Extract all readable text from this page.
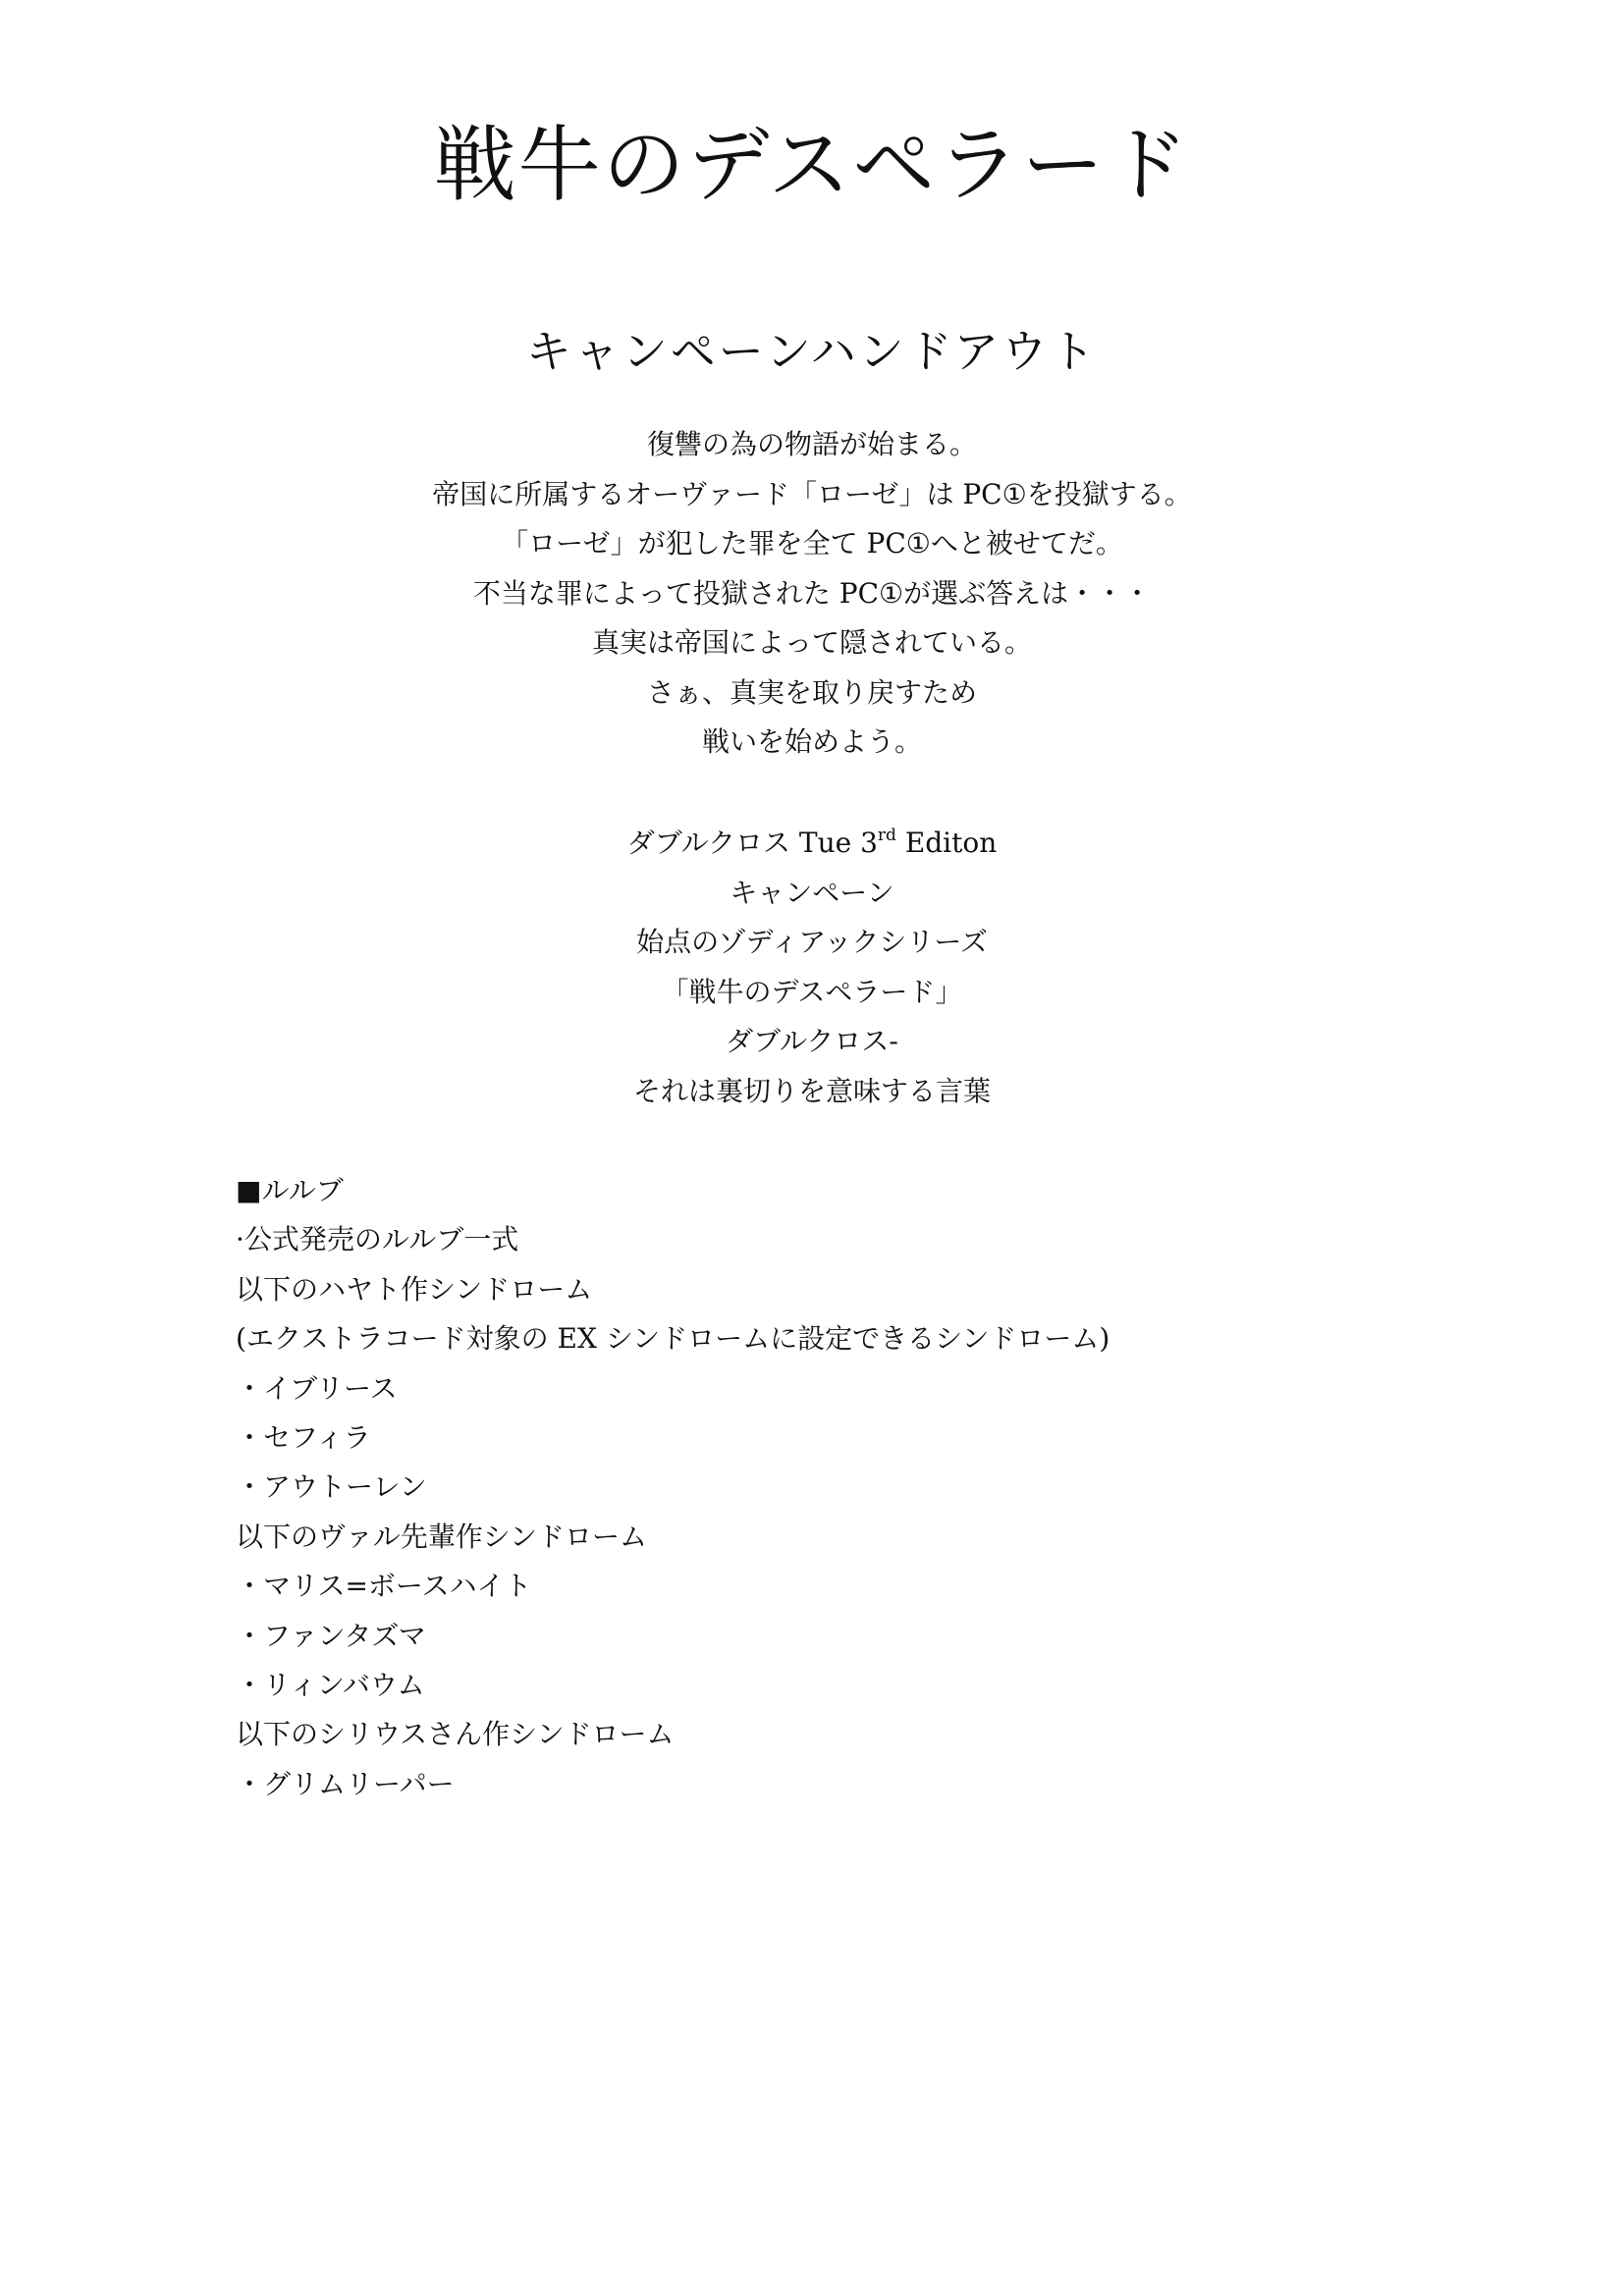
戦牛のデスペラード
キャンペーンハンドアウト
復讐の為の物語が始まる。
帝国に所属するオーヴァード「ローゼ」は PC①を投獄する。
「ローゼ」が犯した罪を全て PC①へと被せてだ。
不当な罪によって投獄された PC①が選ぶ答えは・・・
真実は帝国によって隠されている。
さぁ、真実を取り戻すため
戦いを始めよう。
ダブルクロス Tue 3rd Editon
キャンペーン
始点のゾディアックシリーズ
「戦牛のデスペラード」
ダブルクロス-
それは裏切りを意味する言葉
■ルルブ
·公式発売のルルブ一式
以下のハヤト作シンドローム
(エクストラコード対象の EX シンドロームに設定できるシンドローム)
・イブリース
・セフィラ
・アウトーレン
以下のヴァル先輩作シンドローム
・マリス=ボースハイト
・ファンタズマ
・リィンバウム
以下のシリウスさん作シンドローム
・グリムリーパー
